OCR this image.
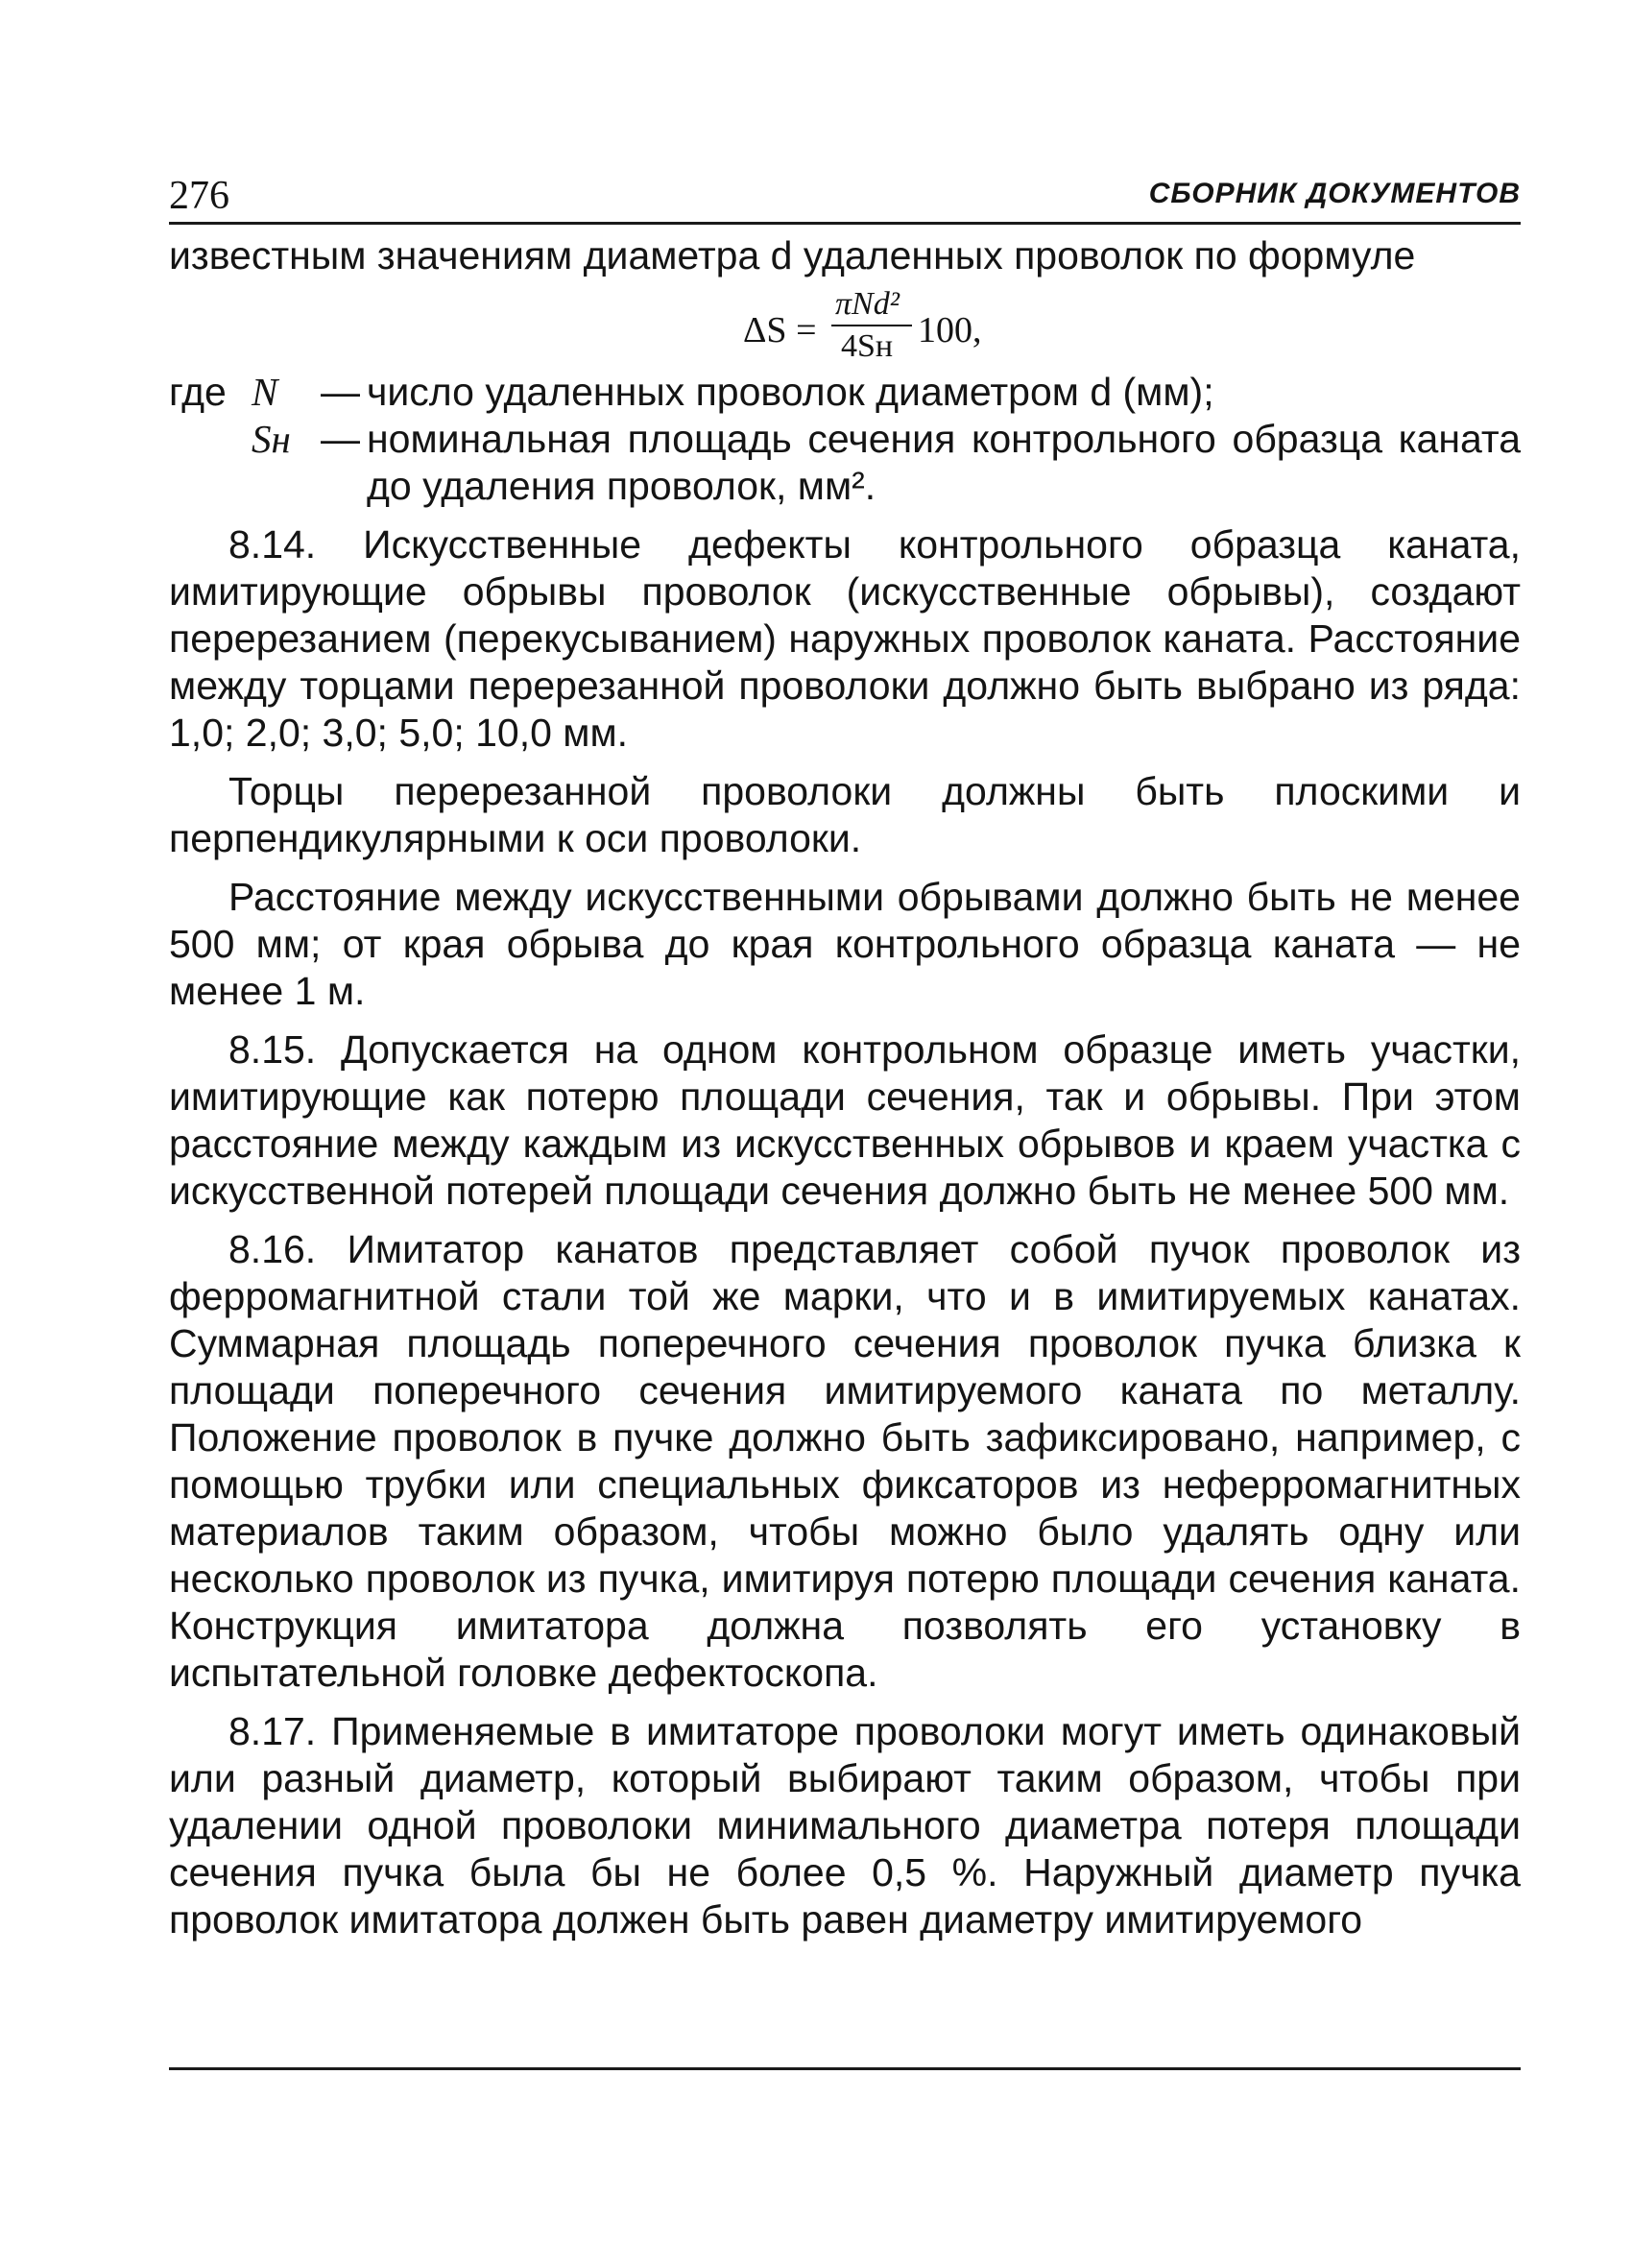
276	СБОРНИК ДОКУМЕНТОВ

известным значениям диаметра d удаленных проволок по формуле

ΔS =
πNd²
4Sн 100,
где N	— число удаленных проволок диаметром d (мм);
Sн — номинальная площадь сечения контрольного образца каната до удаления проволок, мм².

8.14. Искусственные дефекты контрольного образца каната, имитирующие обрывы проволок (искусственные обрывы), создают перерезанием (перекусыванием) наружных проволок каната. Расстояние между торцами перерезанной проволоки должно быть выбрано из ряда: 1,0; 2,0; 3,0; 5,0; 10,0 мм.

Торцы перерезанной проволоки должны быть плоскими и перпендикулярными к оси проволоки.

Расстояние между искусственными обрывами должно быть не менее 500 мм; от края обрыва до края контрольного образца каната — не менее 1 м.

8.15. Допускается на одном контрольном образце иметь участки, имитирующие как потерю площади сечения, так и обрывы. При этом расстояние между каждым из искусственных обрывов и краем участка с искусственной потерей площади сечения должно быть не менее 500 мм.

8.16. Имитатор канатов представляет собой пучок проволок из ферромагнитной стали той же марки, что и в имитируемых канатах. Суммарная площадь поперечного сечения проволок пучка близка к площади поперечного сечения имитируемого каната по металлу. Положение проволок в пучке должно быть зафиксировано, например, с помощью трубки или специальных фиксаторов из неферромагнитных материалов таким образом, чтобы можно было удалять одну или несколько проволок из пучка, имитируя потерю площади сечения каната. Конструкция имитатора должна позволять его установку в испытательной головке дефектоскопа.

8.17. Применяемые в имитаторе проволоки могут иметь одинаковый или разный диаметр, который выбирают таким образом, чтобы при удалении одной проволоки минимального диаметра потеря площади сечения пучка была бы не более 0,5 %. Наружный диаметр пучка проволок имитатора должен быть равен диаметру имитируемого
